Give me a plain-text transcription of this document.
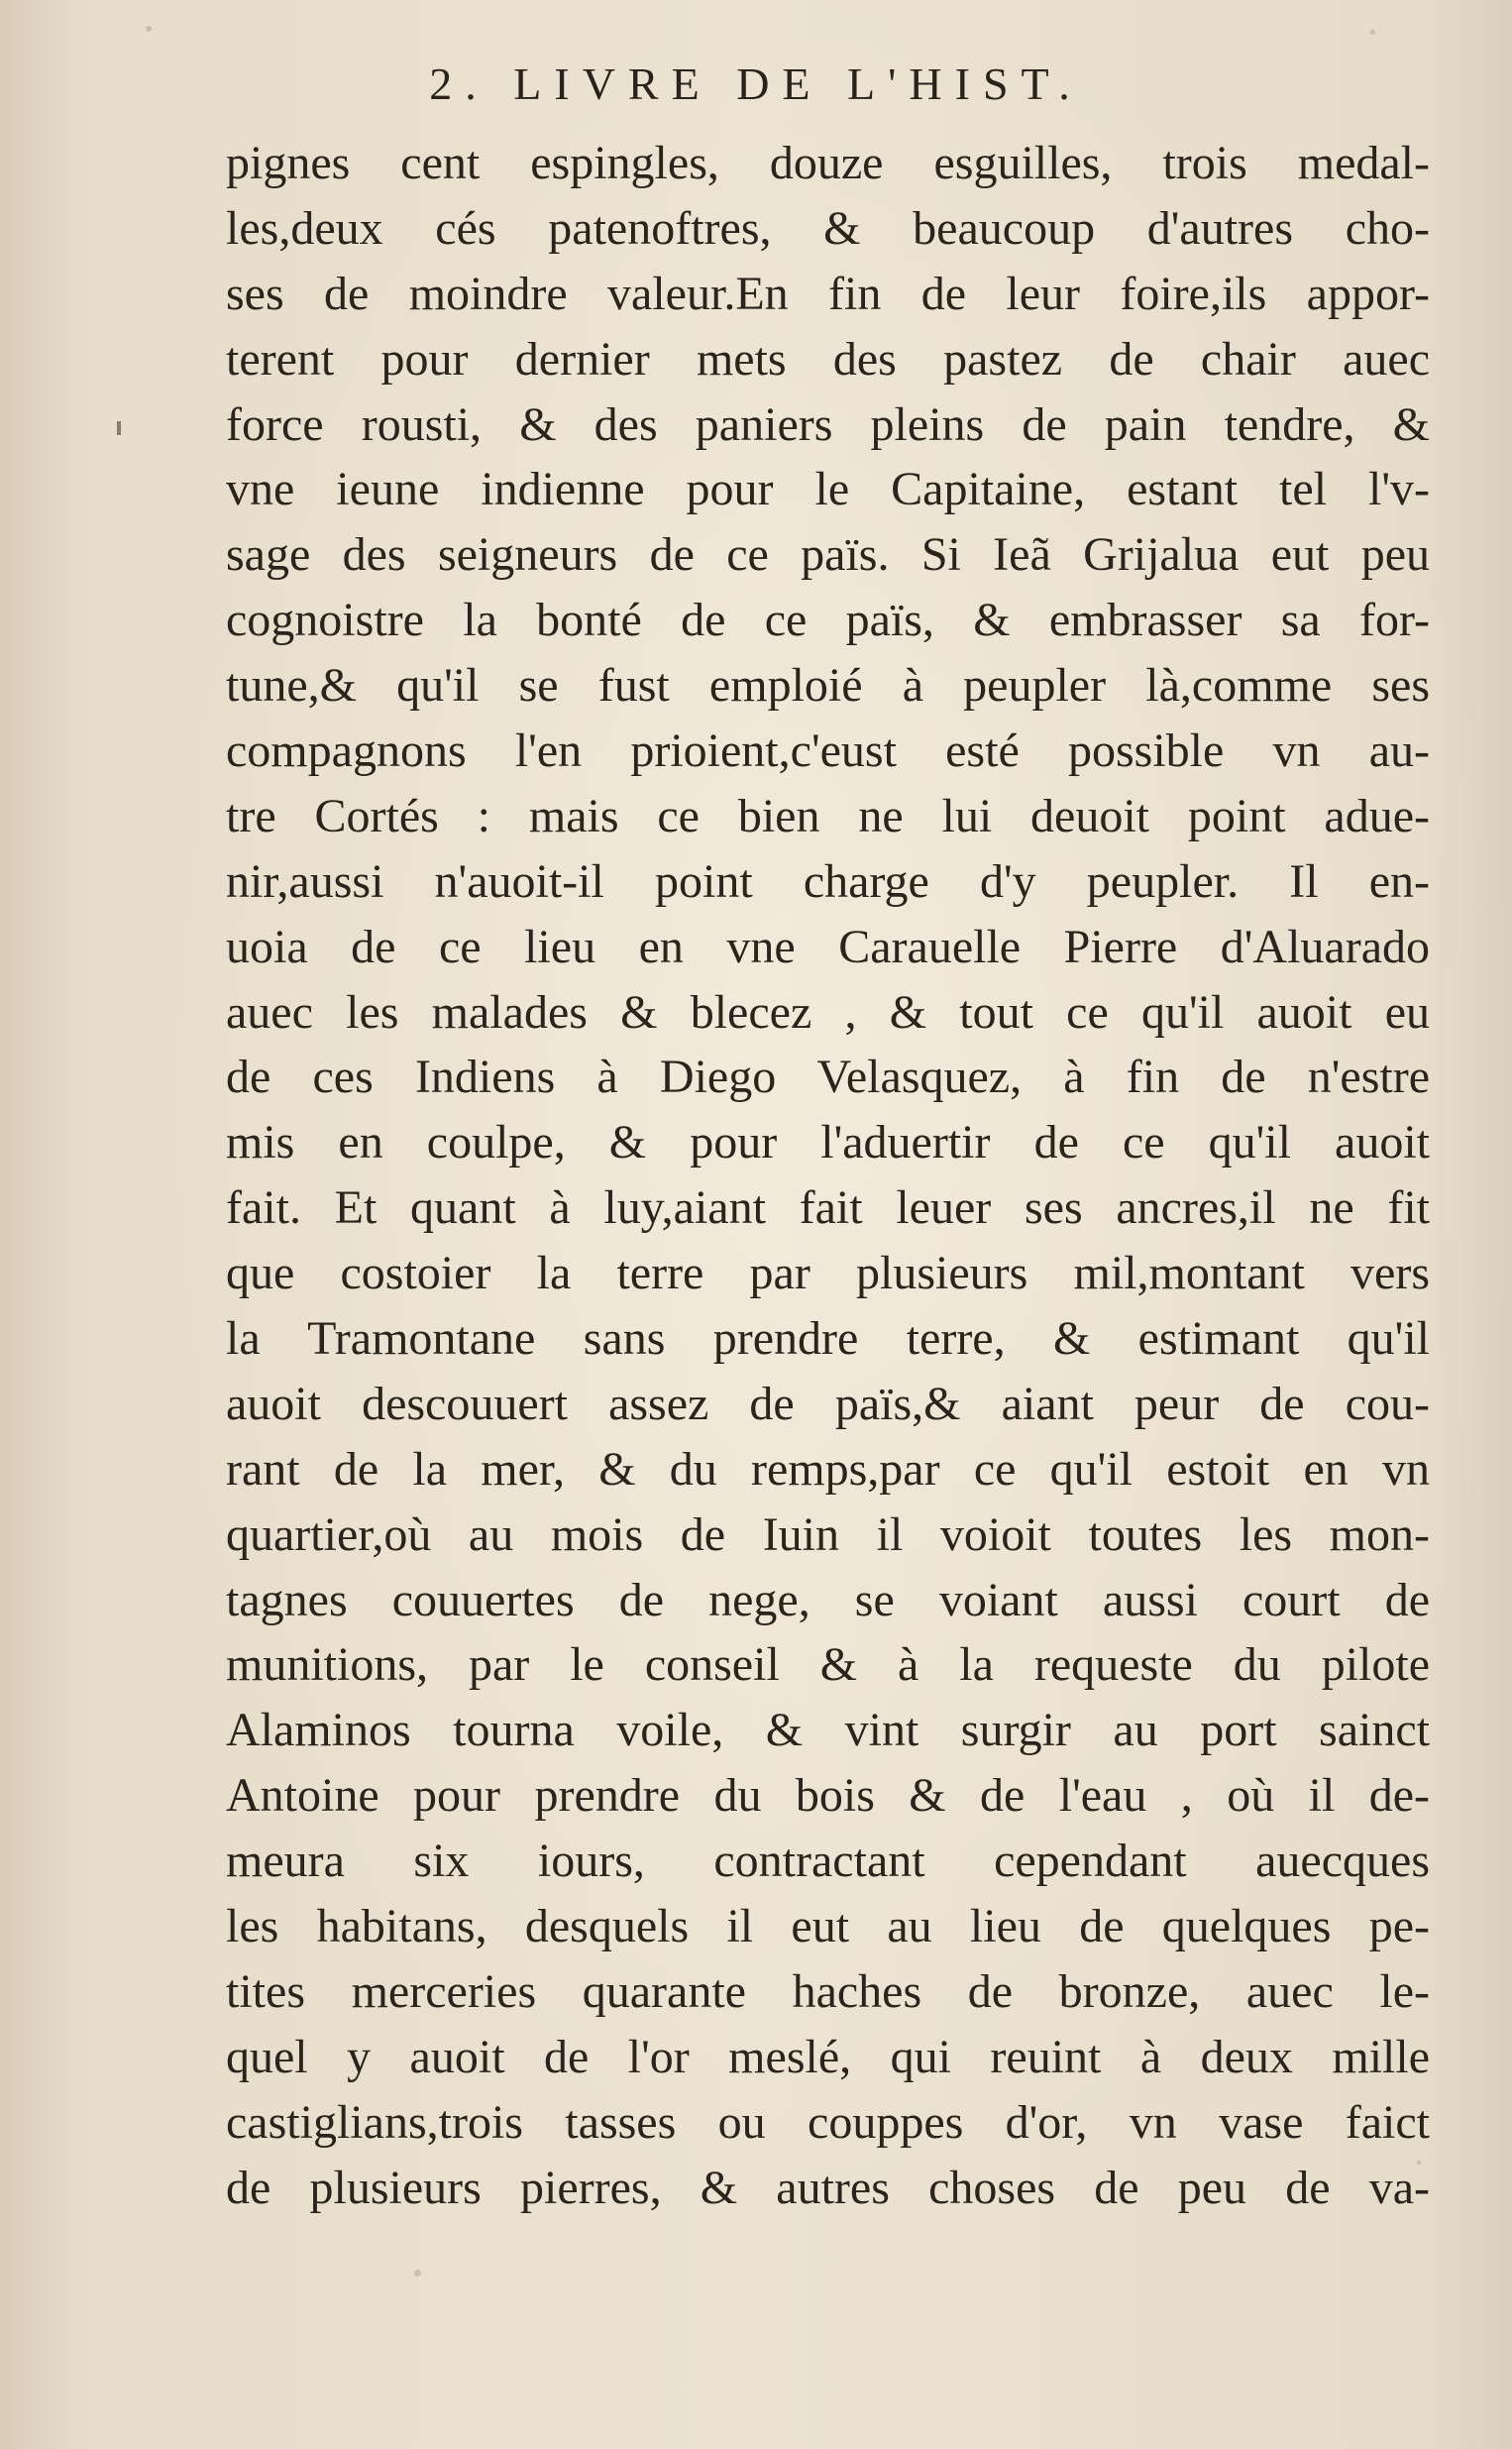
2. LIVRE DE L'HIST.
pignes cent espingles, douze esguilles, trois medal-
les,deux cés patenoftres, & beaucoup d'autres cho-
ses de moindre valeur.En fin de leur foire,ils appor-
terent pour dernier mets des pastez de chair auec
force rousti, & des paniers pleins de pain tendre, &
vne ieune indienne pour le Capitaine, estant tel l'v-
sage des seigneurs de ce païs. Si Ieã Grijalua eut peu
cognoistre la bonté de ce païs, & embrasser sa for-
tune,& qu'il se fust emploié à peupler là,comme ses
compagnons l'en prioient,c'eust esté possible vn au-
tre Cortés : mais ce bien ne lui deuoit point adue-
nir,aussi n'auoit-il point charge d'y peupler. Il en-
uoia de ce lieu en vne Carauelle Pierre d'Aluarado
auec les malades & blecez , & tout ce qu'il auoit eu
de ces Indiens à Diego Velasquez, à fin de n'estre
mis en coulpe, & pour l'aduertir de ce qu'il auoit
fait. Et quant à luy,aiant fait leuer ses ancres,il ne fit
que costoier la terre par plusieurs mil,montant vers
la Tramontane sans prendre terre, & estimant qu'il
auoit descouuert assez de païs,& aiant peur de cou-
rant de la mer, & du remps,par ce qu'il estoit en vn
quartier,où au mois de Iuin il voioit toutes les mon-
tagnes couuertes de nege, se voiant aussi court de
munitions, par le conseil & à la requeste du pilote
Alaminos tourna voile, & vint surgir au port sainct
Antoine pour prendre du bois & de l'eau , où il de-
meura six iours, contractant cependant auecques
les habitans, desquels il eut au lieu de quelques pe-
tites merceries quarante haches de bronze, auec le-
quel y auoit de l'or meslé, qui reuint à deux mille
castiglians,trois tasses ou couppes d'or, vn vase faict
de plusieurs pierres, & autres choses de peu de va-
